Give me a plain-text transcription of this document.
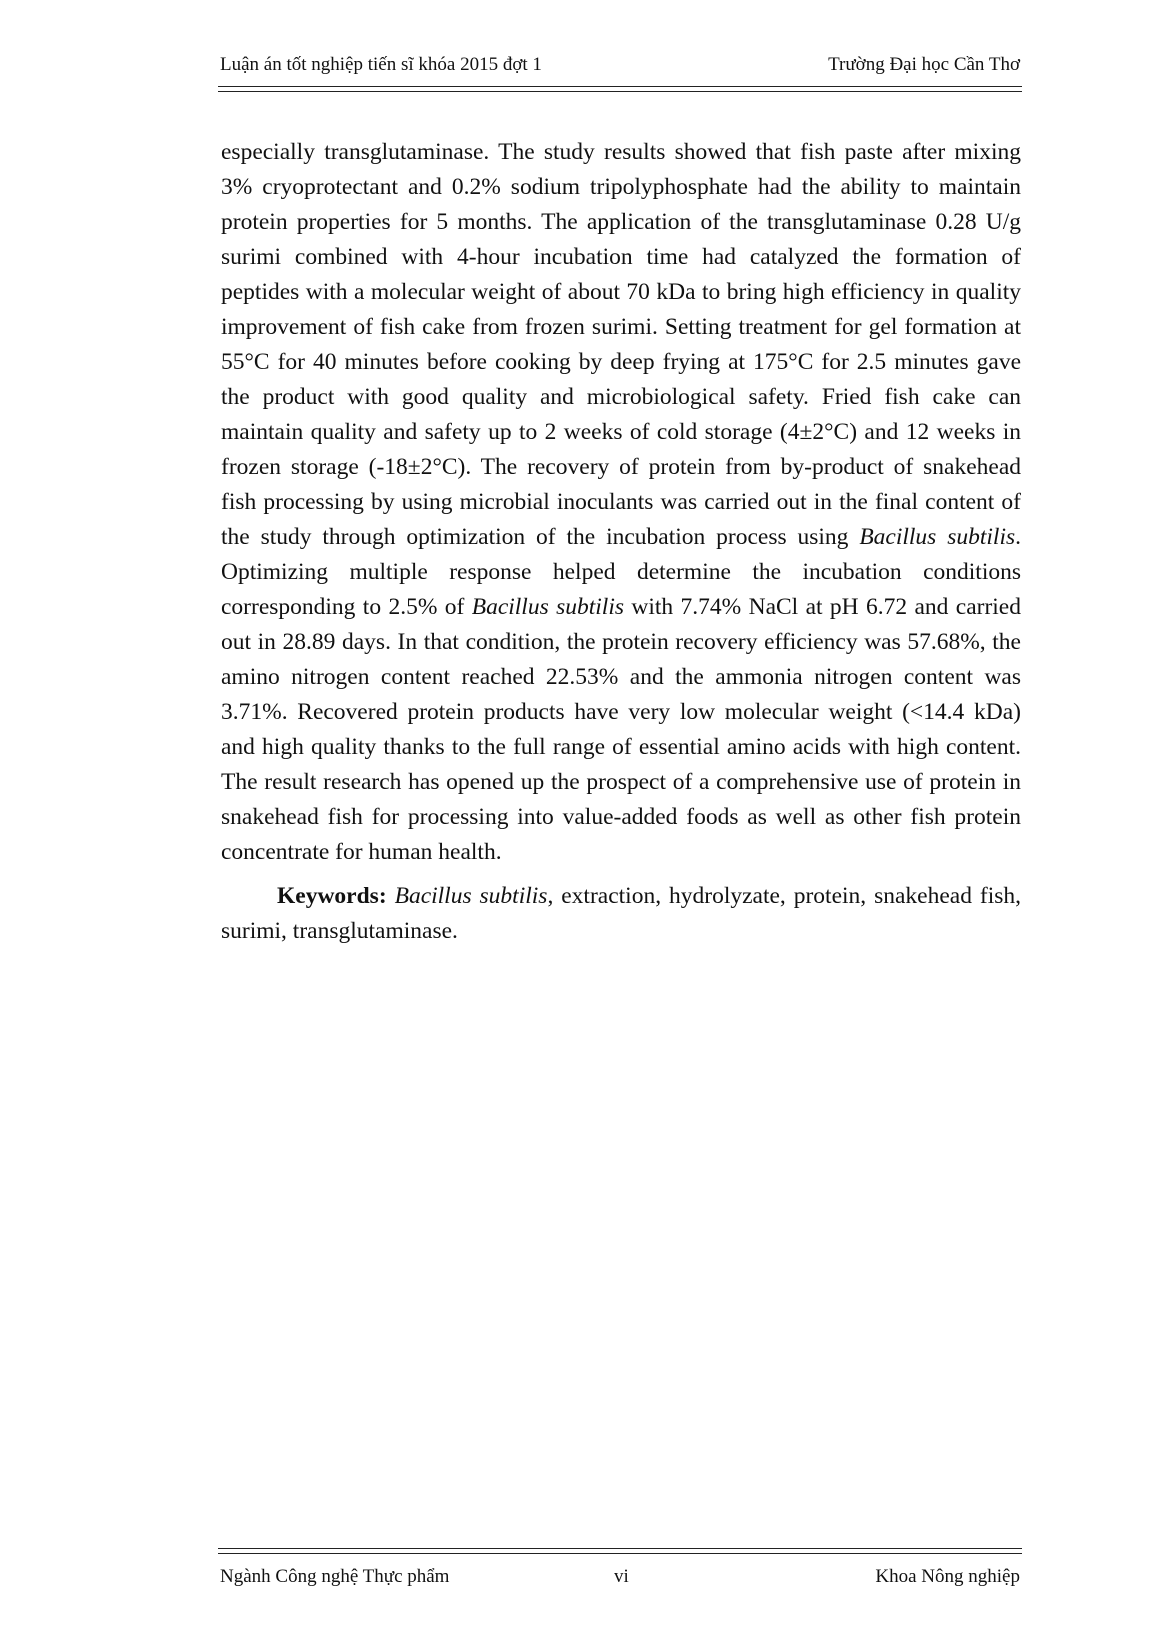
Luận án tốt nghiệp tiến sĩ khóa 2015 đợt 1	Trường Đại học Cần Thơ

especially transglutaminase. The study results showed that fish paste after mixing 3% cryoprotectant and 0.2% sodium tripolyphosphate had the ability to maintain protein properties for 5 months. The application of the transglutaminase 0.28 U/g surimi combined with 4-hour incubation time had catalyzed the formation of peptides with a molecular weight of about 70 kDa to bring high efficiency in quality improvement of fish cake from frozen surimi. Setting treatment for gel formation at 55°C for 40 minutes before cooking by deep frying at 175°C for 2.5 minutes gave the product with good quality and microbiological safety. Fried fish cake can maintain quality and safety up to 2 weeks of cold storage (4±2°C) and 12 weeks in frozen storage (-18±2°C). The recovery of protein from by-product of snakehead fish processing by using microbial inoculants was carried out in the final content of the study through optimization of the incubation process using Bacillus subtilis. Optimizing multiple response helped determine the incubation conditions corresponding to 2.5% of Bacillus subtilis with 7.74% NaCl at pH 6.72 and carried out in 28.89 days. In that condition, the protein recovery efficiency was 57.68%, the amino nitrogen content reached 22.53% and the ammonia nitrogen content was 3.71%. Recovered protein products have very low molecular weight (<14.4 kDa) and high quality thanks to the full range of essential amino acids with high content. The result research has opened up the prospect of a comprehensive use of protein in snakehead fish for processing into value-added foods as well as other fish protein concentrate for human health.

Keywords: Bacillus subtilis, extraction, hydrolyzate, protein, snakehead fish, surimi, transglutaminase.

Ngành Công nghệ Thực phẩm	vi	Khoa Nông nghiệp
